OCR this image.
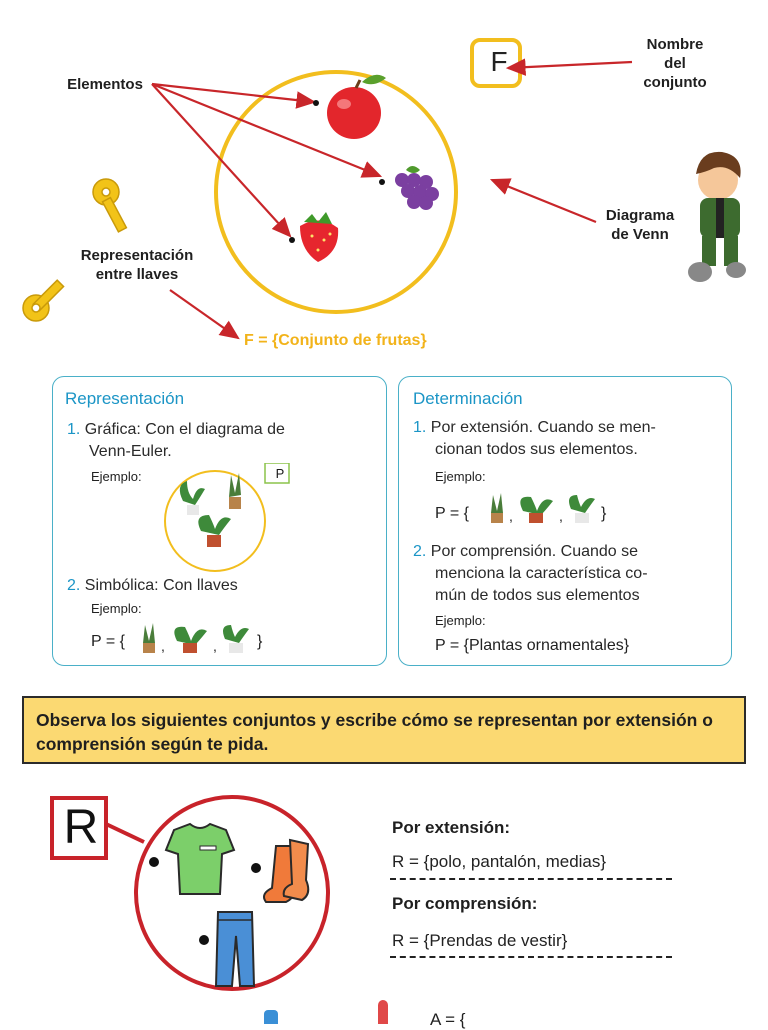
Elementos
Nombre
del
conjunto
Diagrama
de Venn
Representación
entre llaves
F
F = {Conjunto de frutas}
Representación
1. Gráfica: Con el diagrama de
Venn-Euler.
Ejemplo:	P
2. Simbólica: Con llaves
Ejemplo:
P = {	,	,	}
Determinación
1. Por extensión. Cuando se men-
cionan todos sus elementos.
Ejemplo:
P = {	,	, }
2. Por comprensión. Cuando se
menciona la característica co-
mún de todos sus elementos
Ejemplo:
P = {Plantas ornamentales}
Observa los siguientes conjuntos y escribe cómo se representan por extensión o comprensión según te pida.
R	Por extensión:
R = {polo, pantalón, medias}
Por comprensión:
R = {Prendas de vestir}
A = {
